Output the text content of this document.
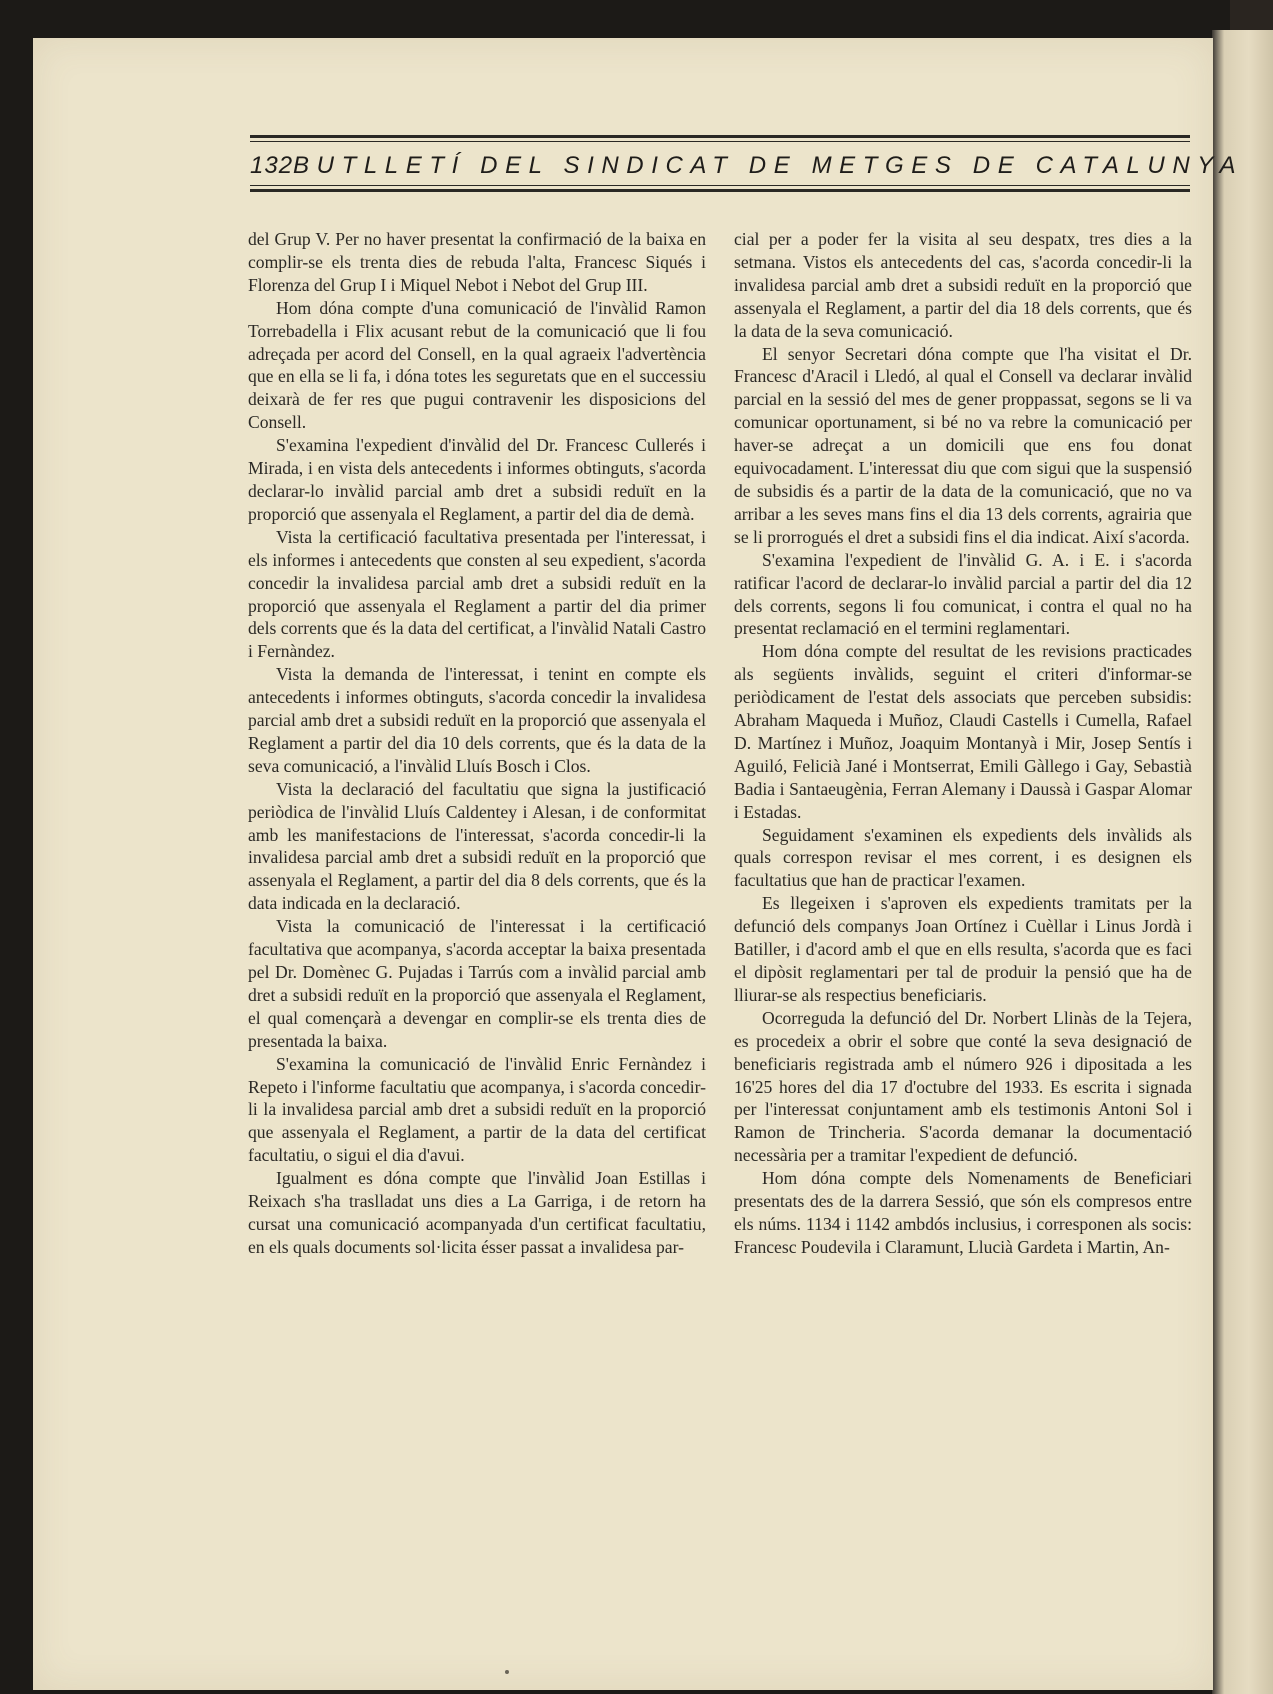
132 BUTLLETÍ DEL SINDICAT DE METGES DE CATALUNYA

del Grup V. Per no haver presentat la confirmació de la baixa en complir-se els trenta dies de rebuda l'alta, Francesc Siqués i Florenza del Grup I i Miquel Nebot i Nebot del Grup III.

Hom dóna compte d'una comunicació de l'invàlid Ramon Torrebadella i Flix acusant rebut de la comunicació que li fou adreçada per acord del Consell, en la qual agraeix l'advertència que en ella se li fa, i dóna totes les seguretats que en el successiu deixarà de fer res que pugui contravenir les disposicions del Consell.

S'examina l'expedient d'invàlid del Dr. Francesc Cullerés i Mirada, i en vista dels antecedents i informes obtinguts, s'acorda declarar-lo invàlid parcial amb dret a subsidi reduït en la proporció que assenyala el Reglament, a partir del dia de demà.

Vista la certificació facultativa presentada per l'interessat, i els informes i antecedents que consten al seu expedient, s'acorda concedir la invalidesa parcial amb dret a subsidi reduït en la proporció que assenyala el Reglament a partir del dia primer dels corrents que és la data del certificat, a l'invàlid Natali Castro i Fernàndez.

Vista la demanda de l'interessat, i tenint en compte els antecedents i informes obtinguts, s'acorda concedir la invalidesa parcial amb dret a subsidi reduït en la proporció que assenyala el Reglament a partir del dia 10 dels corrents, que és la data de la seva comunicació, a l'invàlid Lluís Bosch i Clos.

Vista la declaració del facultatiu que signa la justificació periòdica de l'invàlid Lluís Caldentey i Alesan, i de conformitat amb les manifestacions de l'interessat, s'acorda concedir-li la invalidesa parcial amb dret a subsidi reduït en la proporció que assenyala el Reglament, a partir del dia 8 dels corrents, que és la data indicada en la declaració.

Vista la comunicació de l'interessat i la certificació facultativa que acompanya, s'acorda acceptar la baixa presentada pel Dr. Domènec G. Pujadas i Tarrús com a invàlid parcial amb dret a subsidi reduït en la proporció que assenyala el Reglament, el qual començarà a devengar en complir-se els trenta dies de presentada la baixa.

S'examina la comunicació de l'invàlid Enric Fernàndez i Repeto i l'informe facultatiu que acompanya, i s'acorda concedir-li la invalidesa parcial amb dret a subsidi reduït en la proporció que assenyala el Reglament, a partir de la data del certificat facultatiu, o sigui el dia d'avui.

Igualment es dóna compte que l'invàlid Joan Estillas i Reixach s'ha traslladat uns dies a La Garriga, i de retorn ha cursat una comunicació acompanyada d'un certificat facultatiu, en els quals documents sol·licita ésser passat a invalidesa par-

cial per a poder fer la visita al seu despatx, tres dies a la setmana. Vistos els antecedents del cas, s'acorda concedir-li la invalidesa parcial amb dret a subsidi reduït en la proporció que assenyala el Reglament, a partir del dia 18 dels corrents, que és la data de la seva comunicació.

El senyor Secretari dóna compte que l'ha visitat el Dr. Francesc d'Aracil i Lledó, al qual el Consell va declarar invàlid parcial en la sessió del mes de gener proppassat, segons se li va comunicar oportunament, si bé no va rebre la comunicació per haver-se adreçat a un domicili que ens fou donat equivocadament. L'interessat diu que com sigui que la suspensió de subsidis és a partir de la data de la comunicació, que no va arribar a les seves mans fins el dia 13 dels corrents, agrairia que se li prorrogués el dret a subsidi fins el dia indicat. Així s'acorda.

S'examina l'expedient de l'invàlid G. A. i E. i s'acorda ratificar l'acord de declarar-lo invàlid parcial a partir del dia 12 dels corrents, segons li fou comunicat, i contra el qual no ha presentat reclamació en el termini reglamentari.

Hom dóna compte del resultat de les revisions practicades als següents invàlids, seguint el criteri d'informar-se periòdicament de l'estat dels associats que perceben subsidis: Abraham Maqueda i Muñoz, Claudi Castells i Cumella, Rafael D. Martínez i Muñoz, Joaquim Montanyà i Mir, Josep Sentís i Aguiló, Felicià Jané i Montserrat, Emili Gàllego i Gay, Sebastià Badia i Santaeugènia, Ferran Alemany i Daussà i Gaspar Alomar i Estadas.

Seguidament s'examinen els expedients dels invàlids als quals correspon revisar el mes corrent, i es designen els facultatius que han de practicar l'examen.

Es llegeixen i s'aproven els expedients tramitats per la defunció dels companys Joan Ortínez i Cuèllar i Linus Jordà i Batiller, i d'acord amb el que en ells resulta, s'acorda que es faci el dipòsit reglamentari per tal de produir la pensió que ha de lliurar-se als respectius beneficiaris.

Ocorreguda la defunció del Dr. Norbert Llinàs de la Tejera, es procedeix a obrir el sobre que conté la seva designació de beneficiaris registrada amb el número 926 i dipositada a les 16'25 hores del dia 17 d'octubre del 1933. Es escrita i signada per l'interessat conjuntament amb els testimonis Antoni Sol i Ramon de Trincheria. S'acorda demanar la documentació necessària per a tramitar l'expedient de defunció.

Hom dóna compte dels Nomenaments de Beneficiari presentats des de la darrera Sessió, que són els compresos entre els núms. 1134 i 1142 ambdós inclusius, i corresponen als socis: Francesc Poudevila i Claramunt, Llucià Gardeta i Martin, An-
